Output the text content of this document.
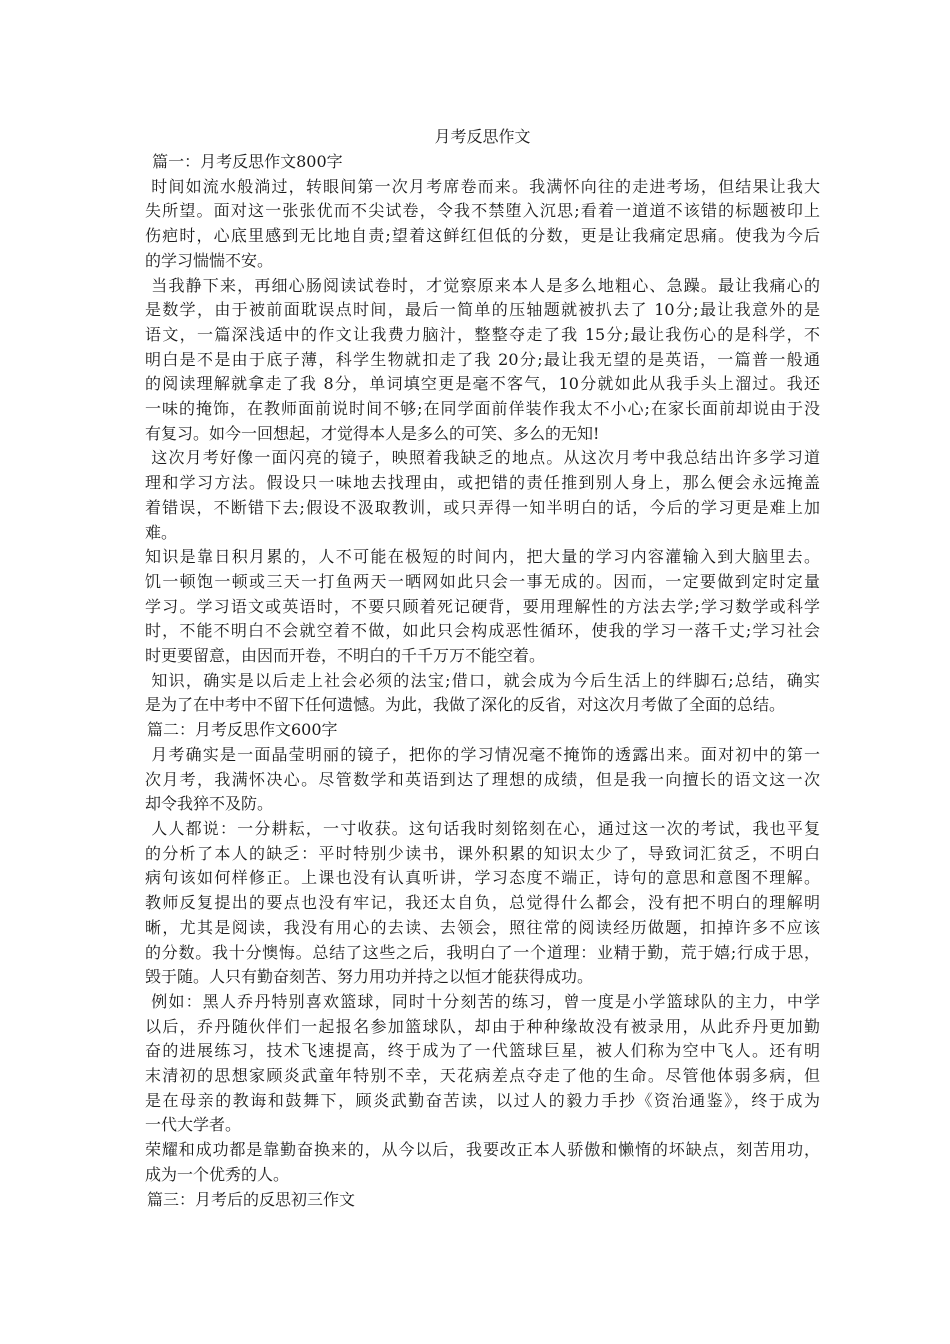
月考反思作文
篇一：月考反思作文800字
时间如流水般淌过，转眼间第一次月考席卷而来。我满怀向往的走进考场，但结果让我大
失所望。面对这一张张优而不尖试卷，令我不禁堕入沉思;看着一道道不该错的标题被印上
伤疤时，心底里感到无比地自责;望着这鲜红但低的分数，更是让我痛定思痛。使我为今后
的学习惴惴不安。
当我静下来，再细心肠阅读试卷时，才觉察原来本人是多么地粗心、急躁。最让我痛心的
是数学，由于被前面耽误点时间，最后一简单的压轴题就被扒去了 10分;最让我意外的是
语文，一篇深浅适中的作文让我费力脑汁，整整夺走了我 15分;最让我伤心的是科学，不
明白是不是由于底子薄，科学生物就扣走了我 20分;最让我无望的是英语，一篇普一般通
的阅读理解就拿走了我 8分，单词填空更是毫不客气，10分就如此从我手头上溜过。我还
一味的掩饰，在教师面前说时间不够;在同学面前佯装作我太不小心;在家长面前却说由于没
有复习。如今一回想起，才觉得本人是多么的可笑、多么的无知!
这次月考好像一面闪亮的镜子，映照着我缺乏的地点。从这次月考中我总结出许多学习道
理和学习方法。假设只一味地去找理由，或把错的责任推到别人身上，那么便会永远掩盖
着错误，不断错下去;假设不汲取教训，或只弄得一知半明白的话，今后的学习更是难上加
难。
知识是靠日积月累的，人不可能在极短的时间内，把大量的学习内容灌输入到大脑里去。
饥一顿饱一顿或三天一打鱼两天一晒网如此只会一事无成的。因而，一定要做到定时定量
学习。学习语文或英语时，不要只顾着死记硬背，要用理解性的方法去学;学习数学或科学
时，不能不明白不会就空着不做，如此只会构成恶性循环，使我的学习一落千丈;学习社会
时更要留意，由因而开卷，不明白的千千万万不能空着。
知识，确实是以后走上社会必须的法宝;借口，就会成为今后生活上的绊脚石;总结，确实
是为了在中考中不留下任何遗憾。为此，我做了深化的反省，对这次月考做了全面的总结。
篇二：月考反思作文600字
月考确实是一面晶莹明丽的镜子，把你的学习情况毫不掩饰的透露出来。面对初中的第一
次月考，我满怀决心。尽管数学和英语到达了理想的成绩，但是我一向擅长的语文这一次
却令我猝不及防。
人人都说：一分耕耘，一寸收获。这句话我时刻铭刻在心，通过这一次的考试，我也平复
的分析了本人的缺乏：平时特别少读书，课外积累的知识太少了，导致词汇贫乏，不明白
病句该如何样修正。上课也没有认真听讲，学习态度不端正，诗句的意思和意图不理解。
教师反复提出的要点也没有牢记，我还太自负，总觉得什么都会，没有把不明白的理解明
晰，尤其是阅读，我没有用心的去读、去领会，照往常的阅读经历做题，扣掉许多不应该
的分数。我十分懊悔。总结了这些之后，我明白了一个道理：业精于勤，荒于嬉;行成于思，
毁于随。人只有勤奋刻苦、努力用功并持之以恒才能获得成功。
例如：黑人乔丹特别喜欢篮球，同时十分刻苦的练习，曾一度是小学篮球队的主力，中学
以后，乔丹随伙伴们一起报名参加篮球队，却由于种种缘故没有被录用，从此乔丹更加勤
奋的进展练习，技术飞速提高，终于成为了一代篮球巨星，被人们称为空中飞人。还有明
末清初的思想家顾炎武童年特别不幸，天花病差点夺走了他的生命。尽管他体弱多病，但
是在母亲的教诲和鼓舞下，顾炎武勤奋苦读，以过人的毅力手抄《资治通鉴》，终于成为
一代大学者。
荣耀和成功都是靠勤奋换来的，从今以后，我要改正本人骄傲和懒惰的坏缺点，刻苦用功，
成为一个优秀的人。
篇三：月考后的反思初三作文
